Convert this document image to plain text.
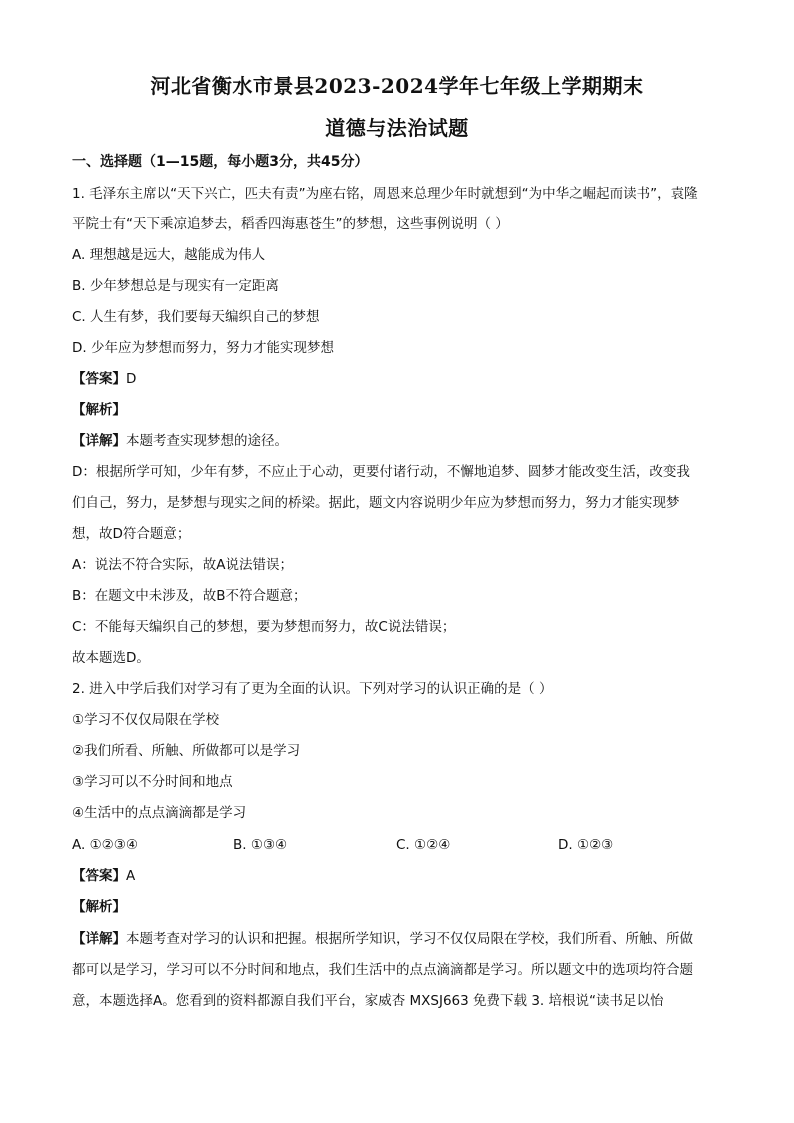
河北省衡水市景县2023-2024学年七年级上学期期末
道德与法治试题
一、选择题（1—15题，每小题3分，共45分）
1. 毛泽东主席以“天下兴亡，匹夫有责”为座右铭，周恩来总理少年时就想到“为中华之崛起而读书”，袁隆
平院士有“天下乘凉追梦去，稻香四海惠苍生”的梦想，这些事例说明（ ）
A. 理想越是远大，越能成为伟人
B. 少年梦想总是与现实有一定距离
C. 人生有梦，我们要每天编织自己的梦想
D. 少年应为梦想而努力，努力才能实现梦想
【答案】D
【解析】
【详解】本题考查实现梦想的途径。
D：根据所学可知，少年有梦，不应止于心动，更要付诸行动，不懈地追梦、圆梦才能改变生活，改变我
们自己，努力，是梦想与现实之间的桥梁。据此，题文内容说明少年应为梦想而努力，努力才能实现梦
想，故D符合题意；
A：说法不符合实际，故A说法错误；
B：在题文中未涉及，故B不符合题意；
C：不能每天编织自己的梦想，要为梦想而努力，故C说法错误；
故本题选D。
2. 进入中学后我们对学习有了更为全面的认识。下列对学习的认识正确的是（ ）
①学习不仅仅局限在学校
②我们所看、所触、所做都可以是学习
③学习可以不分时间和地点
④生活中的点点滴滴都是学习
A. ①②③④	B. ①③④	C. ①②④	D. ①②③
【答案】A
【解析】
【详解】本题考查对学习的认识和把握。根据所学知识，学习不仅仅局限在学校，我们所看、所触、所做
都可以是学习，学习可以不分时间和地点，我们生活中的点点滴滴都是学习。所以题文中的选项均符合题
意，本题选择A。您看到的资料都源自我们平台，家威杏 MXSJ663 免费下载 3. 培根说“读书足以怡
